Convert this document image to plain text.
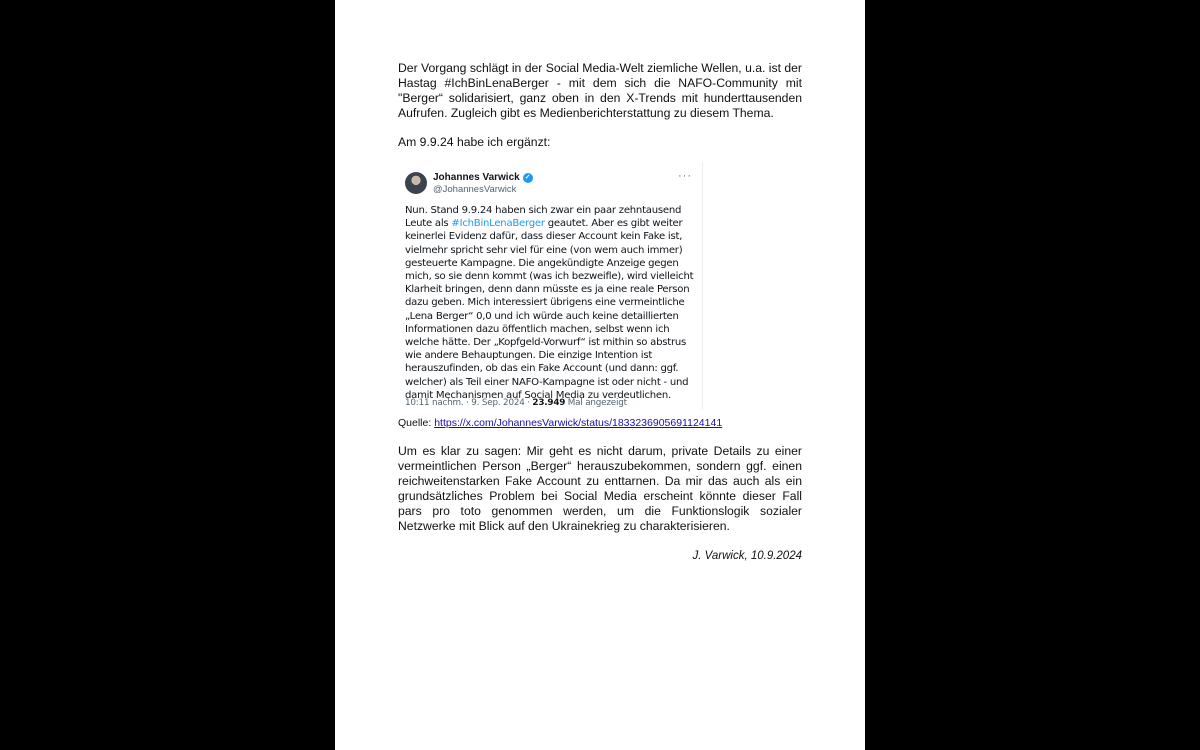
Der Vorgang schlägt in der Social Media-Welt ziemliche Wellen, u.a. ist der Hastag #IchBinLenaBerger - mit dem sich die NAFO-Community mit "Berger“ solidarisiert, ganz oben in den X-Trends mit hunderttausenden Aufrufen. Zugleich gibt es Medienberichterstattung zu diesem Thema.

Am 9.9.24 habe ich ergänzt:

Johannes Varwick ✓
@JohannesVarwick
···

Nun. Stand 9.9.24 haben sich zwar ein paar zehntausend Leute als #IchBinLenaBerger geautet. Aber es gibt weiter keinerlei Evidenz dafür, dass dieser Account kein Fake ist, vielmehr spricht sehr viel für eine (von wem auch immer) gesteuerte Kampagne. Die angekündigte Anzeige gegen mich, so sie denn kommt (was ich bezweifle), wird vielleicht Klarheit bringen, denn dann müsste es ja eine reale Person dazu geben. Mich interessiert übrigens eine vermeintliche „Lena Berger“ 0,0 und ich würde auch keine detaillierten Informationen dazu öffentlich machen, selbst wenn ich welche hätte. Der „Kopfgeld-Vorwurf“ ist mithin so abstrus wie andere Behauptungen. Die einzige Intention ist herauszufinden, ob das ein Fake Account (und dann: ggf. welcher) als Teil einer NAFO-Kampagne ist oder nicht - und damit Mechanismen auf Social Media zu verdeutlichen.

10:11 nachm. · 9. Sep. 2024 · 23.949 Mal angezeigt
Quelle: https://x.com/JohannesVarwick/status/1833236905691124141

Um es klar zu sagen: Mir geht es nicht darum, private Details zu einer vermeintlichen Person „Berger“ herauszubekommen, sondern ggf. einen reichweitenstarken Fake Account zu enttarnen. Da mir das auch als ein grundsätzliches Problem bei Social Media erscheint könnte dieser Fall pars pro toto genommen werden, um die Funktionslogik sozialer Netzwerke mit Blick auf den Ukrainekrieg zu charakterisieren.

J. Varwick, 10.9.2024
